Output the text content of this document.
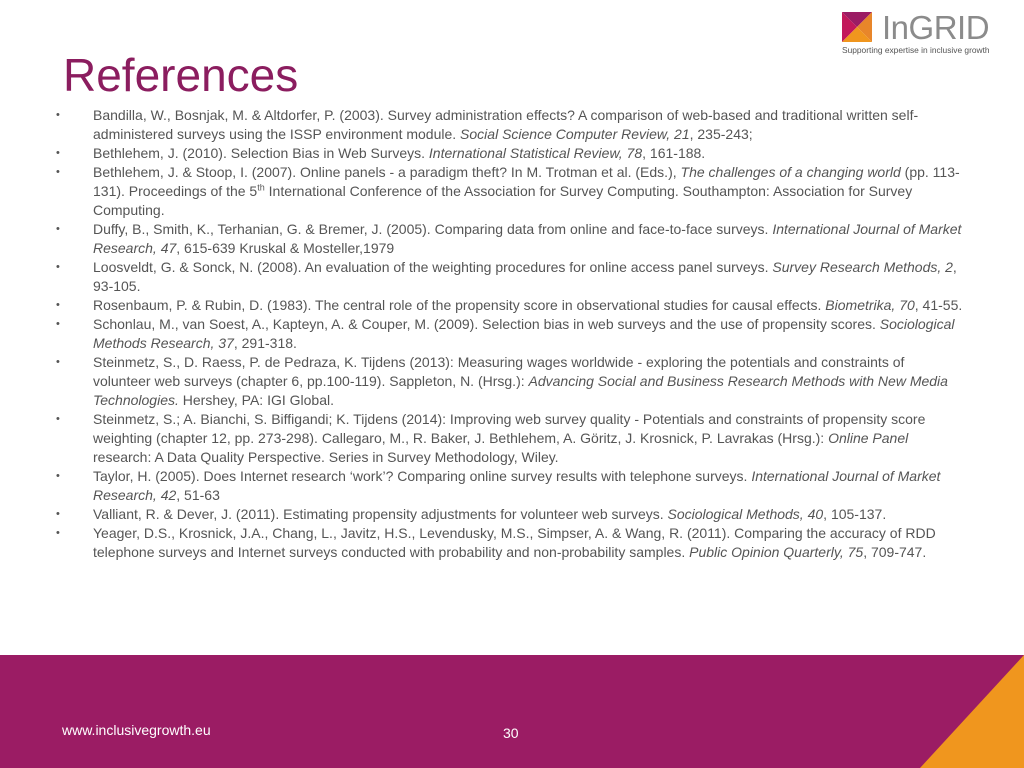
InGRID
Supporting expertise in inclusive growth
References
• Bandilla, W., Bosnjak, M. & Altdorfer, P. (2003). Survey administration effects? A comparison of web-based and traditional written self-administered surveys using the ISSP environment module. Social Science Computer Review, 21, 235-243;
• Bethlehem, J. (2010). Selection Bias in Web Surveys. International Statistical Review, 78, 161-188.
• Bethlehem, J. & Stoop, I. (2007). Online panels - a paradigm theft? In M. Trotman et al. (Eds.), The challenges of a changing world (pp. 113-131). Proceedings of the 5th International Conference of the Association for Survey Computing. Southampton: Association for Survey Computing.
• Duffy, B., Smith, K., Terhanian, G. & Bremer, J. (2005). Comparing data from online and face-to-face surveys. International Journal of Market Research, 47, 615-639 Kruskal & Mosteller,1979
• Loosveldt, G. & Sonck, N. (2008). An evaluation of the weighting procedures for online access panel surveys. Survey Research Methods, 2, 93-105.
• Rosenbaum, P. & Rubin, D. (1983). The central role of the propensity score in observational studies for causal effects. Biometrika, 70, 41-55.
• Schonlau, M., van Soest, A., Kapteyn, A. & Couper, M. (2009). Selection bias in web surveys and the use of propensity scores. Sociological Methods Research, 37, 291-318.
• Steinmetz, S., D. Raess, P. de Pedraza, K. Tijdens (2013): Measuring wages worldwide - exploring the potentials and constraints of volunteer web surveys (chapter 6, pp.100-119). Sappleton, N. (Hrsg.): Advancing Social and Business Research Methods with New Media Technologies. Hershey, PA: IGI Global.
• Steinmetz, S.; A. Bianchi, S. Biffigandi; K. Tijdens (2014): Improving web survey quality - Potentials and constraints of propensity score weighting (chapter 12, pp. 273-298). Callegaro, M., R. Baker, J. Bethlehem, A. Göritz, J. Krosnick, P. Lavrakas (Hrsg.): Online Panel research: A Data Quality Perspective. Series in Survey Methodology, Wiley.
• Taylor, H. (2005). Does Internet research ‘work’? Comparing online survey results with telephone surveys. International Journal of Market Research, 42, 51-63
• Valliant, R. & Dever, J. (2011). Estimating propensity adjustments for volunteer web surveys. Sociological Methods, 40, 105-137.
• Yeager, D.S., Krosnick, J.A., Chang, L., Javitz, H.S., Levendusky, M.S., Simpser, A. & Wang, R. (2011). Comparing the accuracy of RDD telephone surveys and Internet surveys conducted with probability and non-probability samples. Public Opinion Quarterly, 75, 709-747.
www.inclusivegrowth.eu	30
